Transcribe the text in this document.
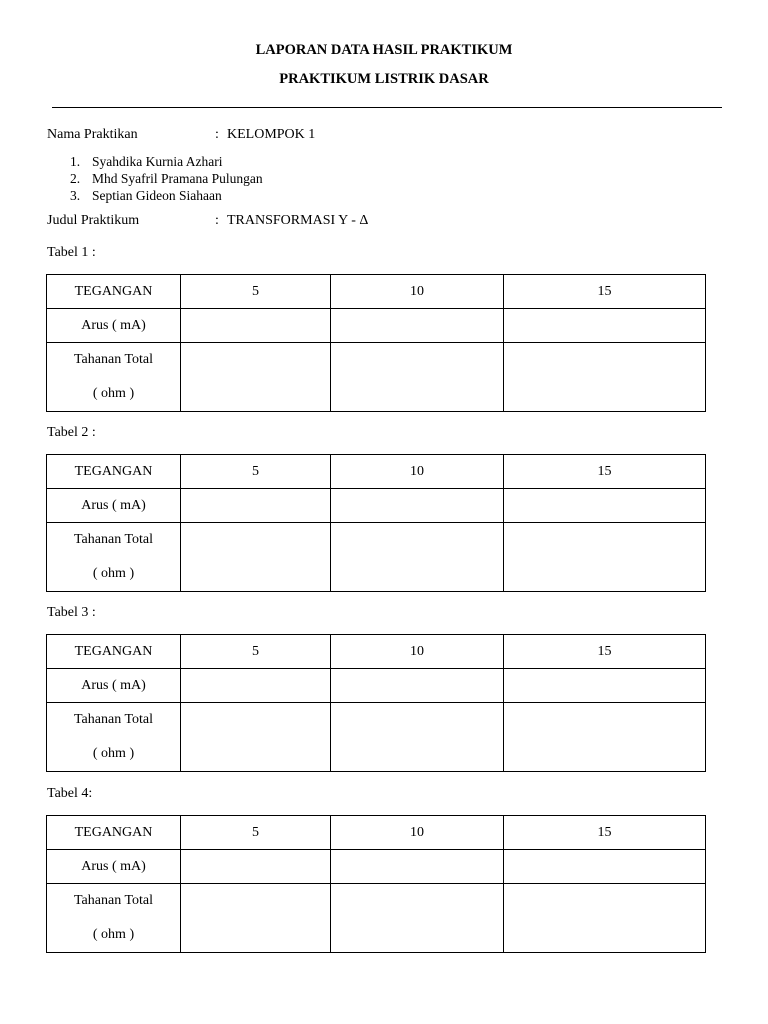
LAPORAN DATA HASIL PRAKTIKUM
PRAKTIKUM LISTRIK DASAR
Nama Praktikan	: KELOMPOK 1
1. Syahdika Kurnia Azhari
2. Mhd Syafril Pramana Pulungan
3. Septian Gideon Siahaan
Judul Praktikum	: TRANSFORMASI Y - Δ
Tabel 1 :
TEGANGAN	5	10	15
Arus ( mA)			

Tahanan Total
( ohm )			

Tabel 2 :
TEGANGAN	5	10	15
Arus ( mA)			

Tahanan Total
( ohm )			

Tabel 3 :
TEGANGAN	5	10	15
Arus ( mA)			

Tahanan Total
( ohm )			

Tabel 4:
TEGANGAN	5	10	15
Arus ( mA)			

Tahanan Total
( ohm )			
